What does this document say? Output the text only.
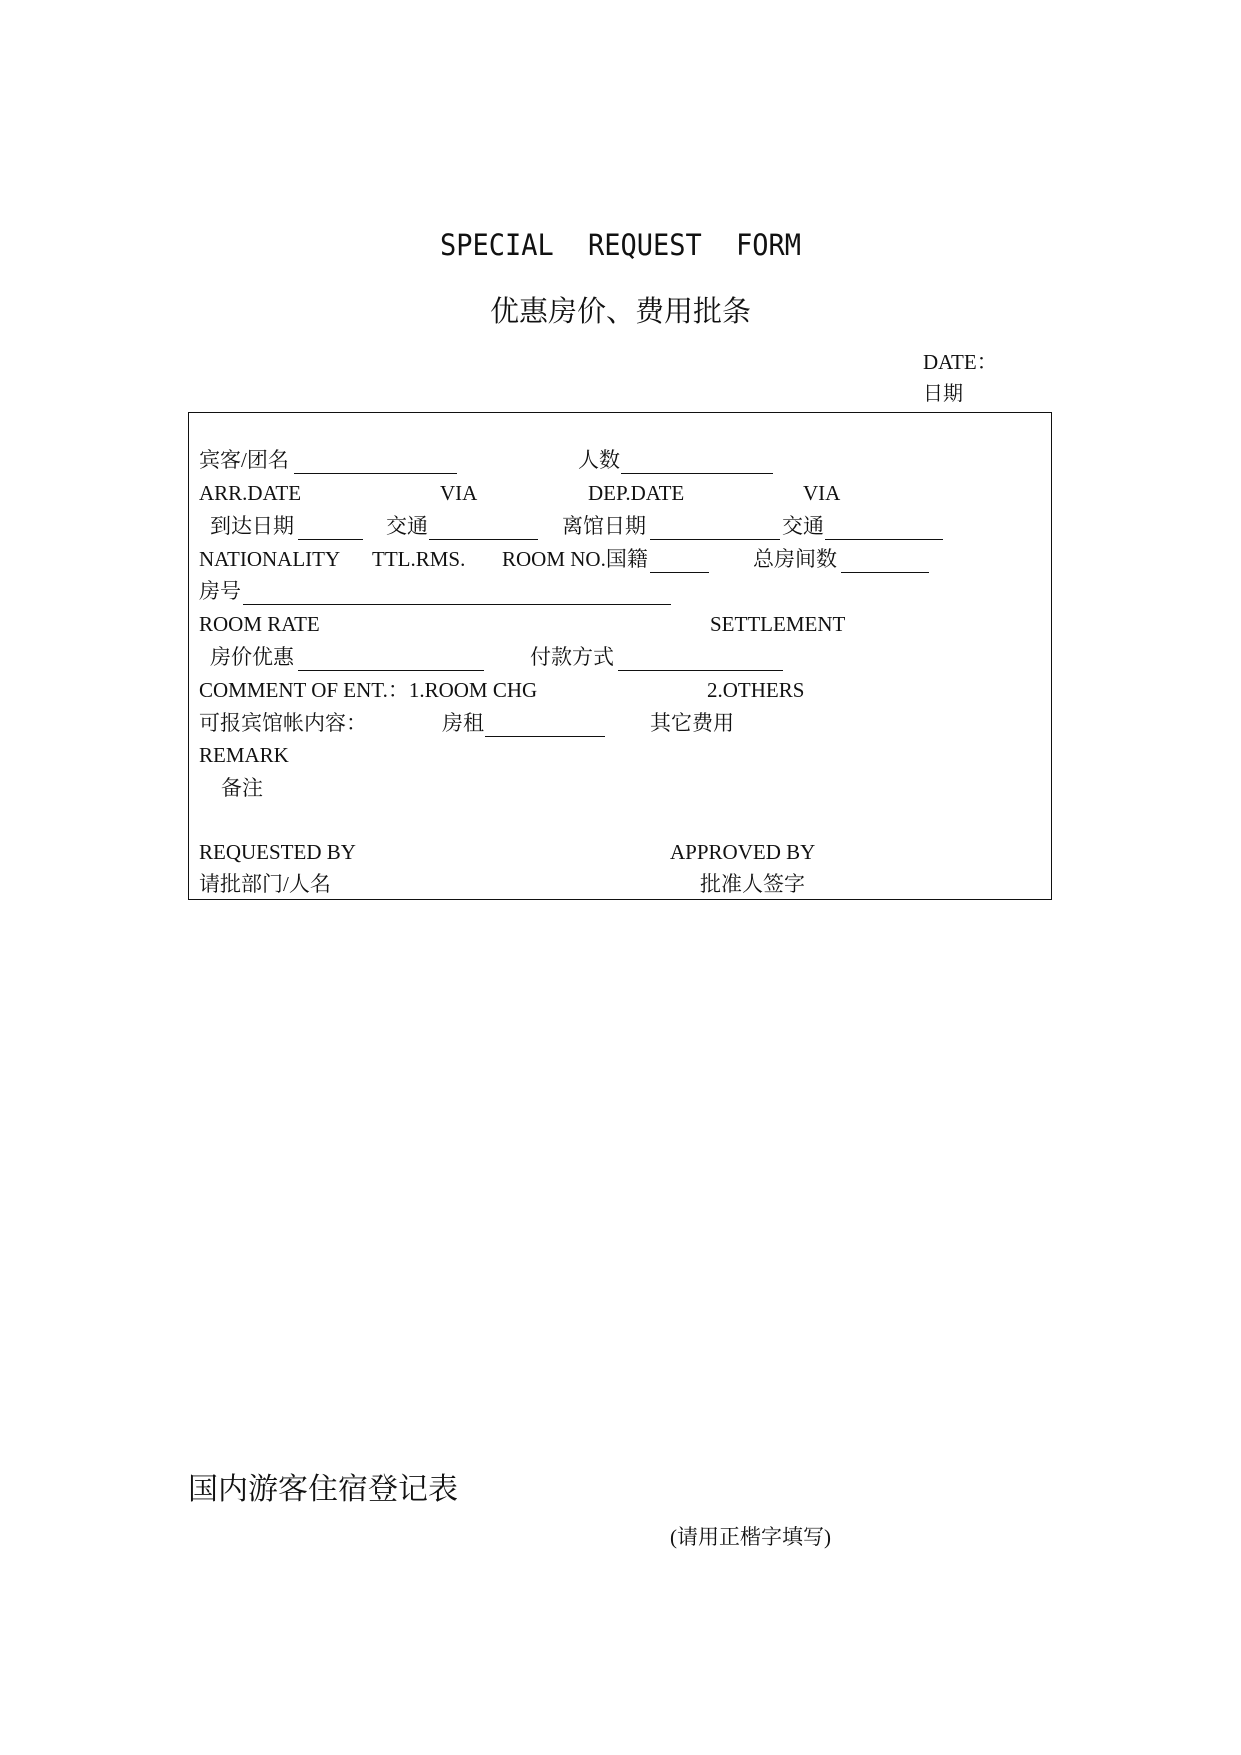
SPECIAL REQUEST FORM
优惠房价、费用批条
DATE：
日期
宾客/团名	人数
ARR.DATE	VIA	DEP.DATE	VIA
到达日期	交通	离馆日期	交通
NATIONALITY TTL.RMS. ROOM NO.国籍	总房间数
房号
ROOM RATE	SETTLEMENT
房价优惠	付款方式
COMMENT OF ENT.：1.ROOM CHG	2.OTHERS
可报宾馆帐内容：	房租	其它费用
REMARK
备注
REQUESTED BY	APPROVED BY
请批部门/人名	批准人签字
国内游客住宿登记表
(请用正楷字填写)
